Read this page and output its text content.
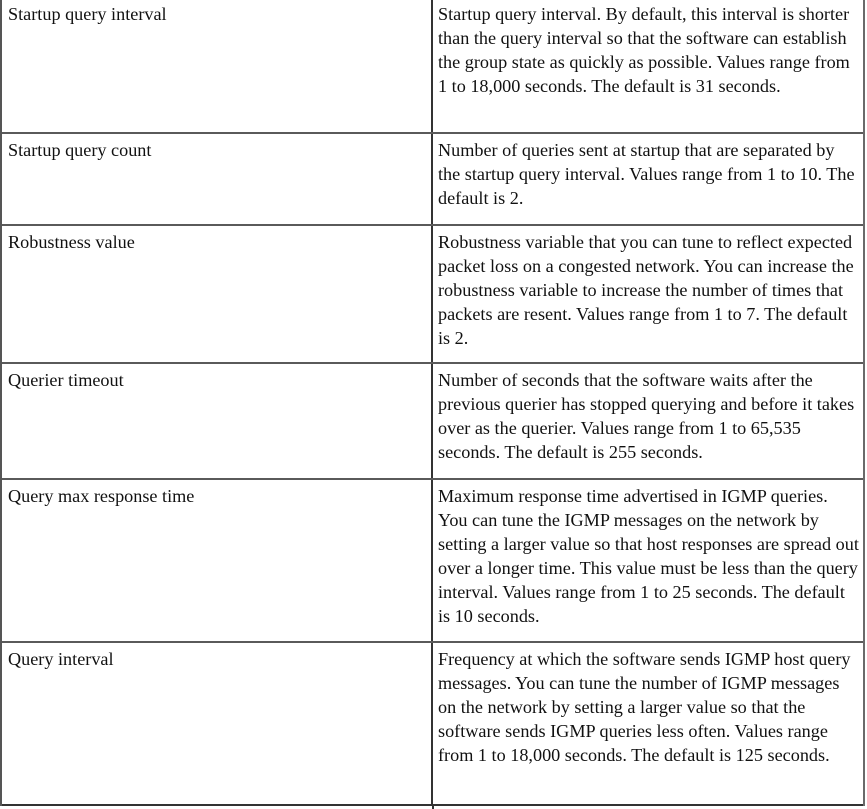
Startup query interval	Startup query interval. By default, this interval is shorter than the query interval so that the software can establish the group state as quickly as possible. Values range from 1 to 18,000 seconds. The default is 31 seconds.
Startup query count	Number of queries sent at startup that are separated by the startup query interval. Values range from 1 to 10. The default is 2.
Robustness value	Robustness variable that you can tune to reflect expected packet loss on a congested network. You can increase the robustness variable to increase the number of times that packets are resent. Values range from 1 to 7. The default is 2.
Querier timeout	Number of seconds that the software waits after the previous querier has stopped querying and before it takes over as the querier. Values range from 1 to 65,535 seconds. The default is 255 seconds.
Query max response time	Maximum response time advertised in IGMP queries. You can tune the IGMP messages on the network by setting a larger value so that host responses are spread out over a longer time. This value must be less than the query interval. Values range from 1 to 25 seconds. The default is 10 seconds.
Query interval	Frequency at which the software sends IGMP host query messages. You can tune the number of IGMP messages on the network by setting a larger value so that the software sends IGMP queries less often. Values range from 1 to 18,000 seconds. The default is 125 seconds.
